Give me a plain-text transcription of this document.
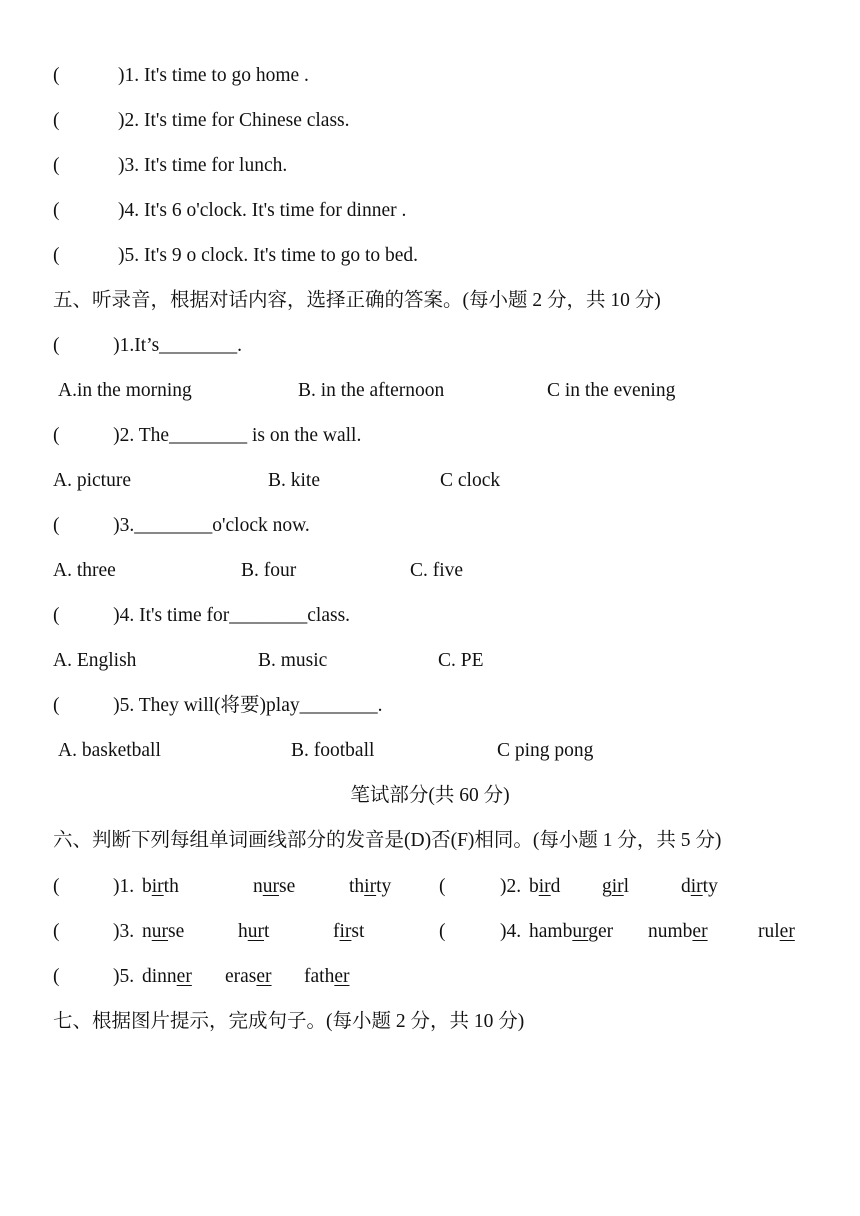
(            )1. It's time to go home .
(            )2. It's time for Chinese class.
(            )3. It's time for lunch.
(            )4. It's 6 o'clock. It's time for dinner .
(            )5. It's 9 o clock. It's time to go to bed.
五、听录音，根据对话内容，选择正确的答案。(每小题 2 分，共 10 分)
(           )1.It’s________.
A.in the morning	B. in the afternoon	C in the evening
(           )2. The________ is on the wall.
A. picture	B. kite	C clock
(           )3.________o'clock now.
A. three	B. four	C. five
(           )4. It's time for________class.
A. English	B. music	C. PE
(           )5. They will(将要)play________.
A. basketball	B. football	C ping pong
笔试部分(共 60 分)
六、判断下列每组单词画线部分的发音是(D)否(F)相同。(每小题 1 分，共 5 分)
(	)1. birth	nurse	thirty (	)2. bird girl	dirty
(	)3. nurse	hurt	first	(	)4. hamburger number	ruler
(	)5. dinner eraser father
七、根据图片提示，完成句子。(每小题 2 分，共 10 分)
